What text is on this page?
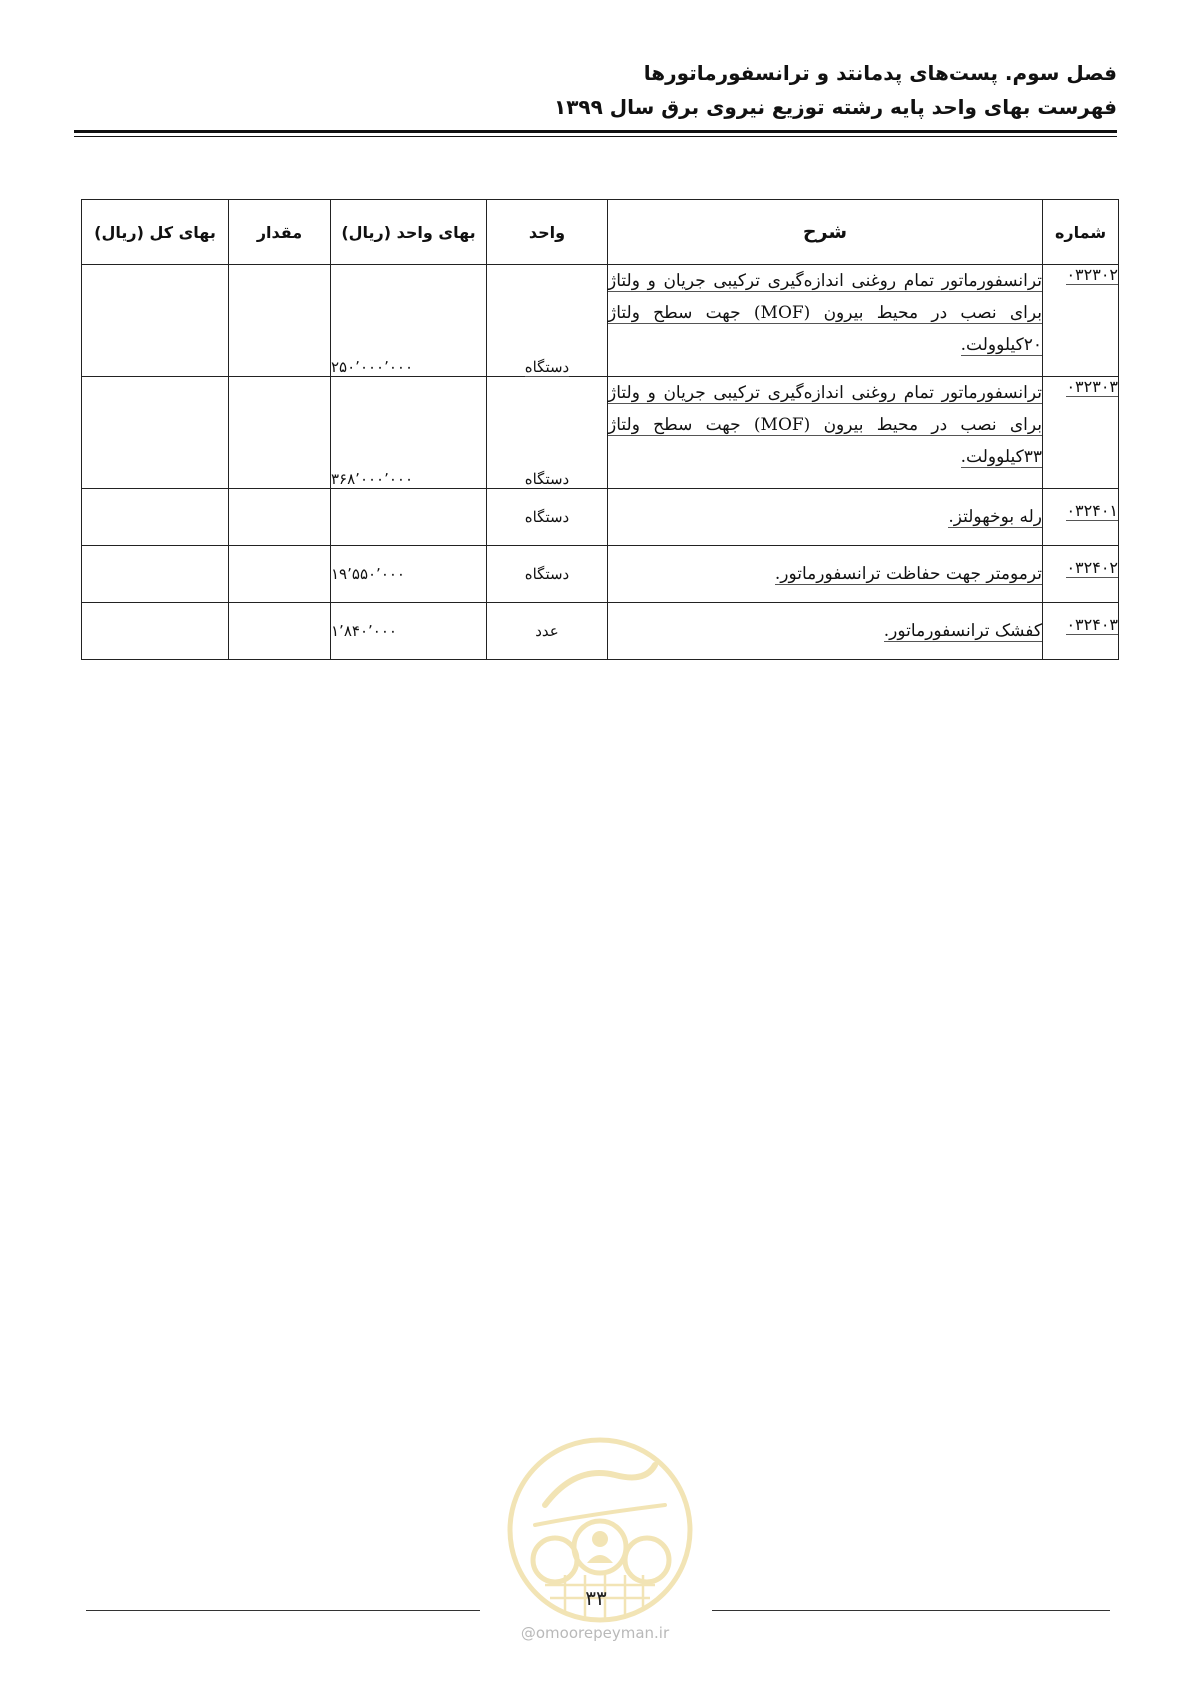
فصل سوم. پست‌های پدمانتد و ترانسفورماتورها
فهرست بهای واحد پایه رشته توزیع نیروی برق سال ۱۳۹۹
شماره	شرح	واحد	بهای واحد (ریال)	مقدار	بهای کل (ریال)
۰۳۲۳۰۲	ترانسفورماتور تمام روغنی اندازه‌گیری ترکیبی جریان و ولتاژ برای نصب در محیط بیرون (MOF) جهت سطح ولتاژ ۲۰کیلوولت.	دستگاه	۲۵۰٬۰۰۰٬۰۰۰		
۰۳۲۳۰۳	ترانسفورماتور تمام روغنی اندازه‌گیری ترکیبی جریان و ولتاژ برای نصب در محیط بیرون (MOF) جهت سطح ولتاژ ۳۳کیلوولت.	دستگاه	۳۶۸٬۰۰۰٬۰۰۰		
۰۳۲۴۰۱	رله بوخهولتز.	دستگاه			
۰۳۲۴۰۲	ترمومتر جهت حفاظت ترانسفورماتور.	دستگاه	۱۹٬۵۵۰٬۰۰۰		
۰۳۲۴۰۳	کفشک ترانسفورماتور.	عدد	۱٬۸۴۰٬۰۰۰		
۳۳
@omoorepeyman.ir
